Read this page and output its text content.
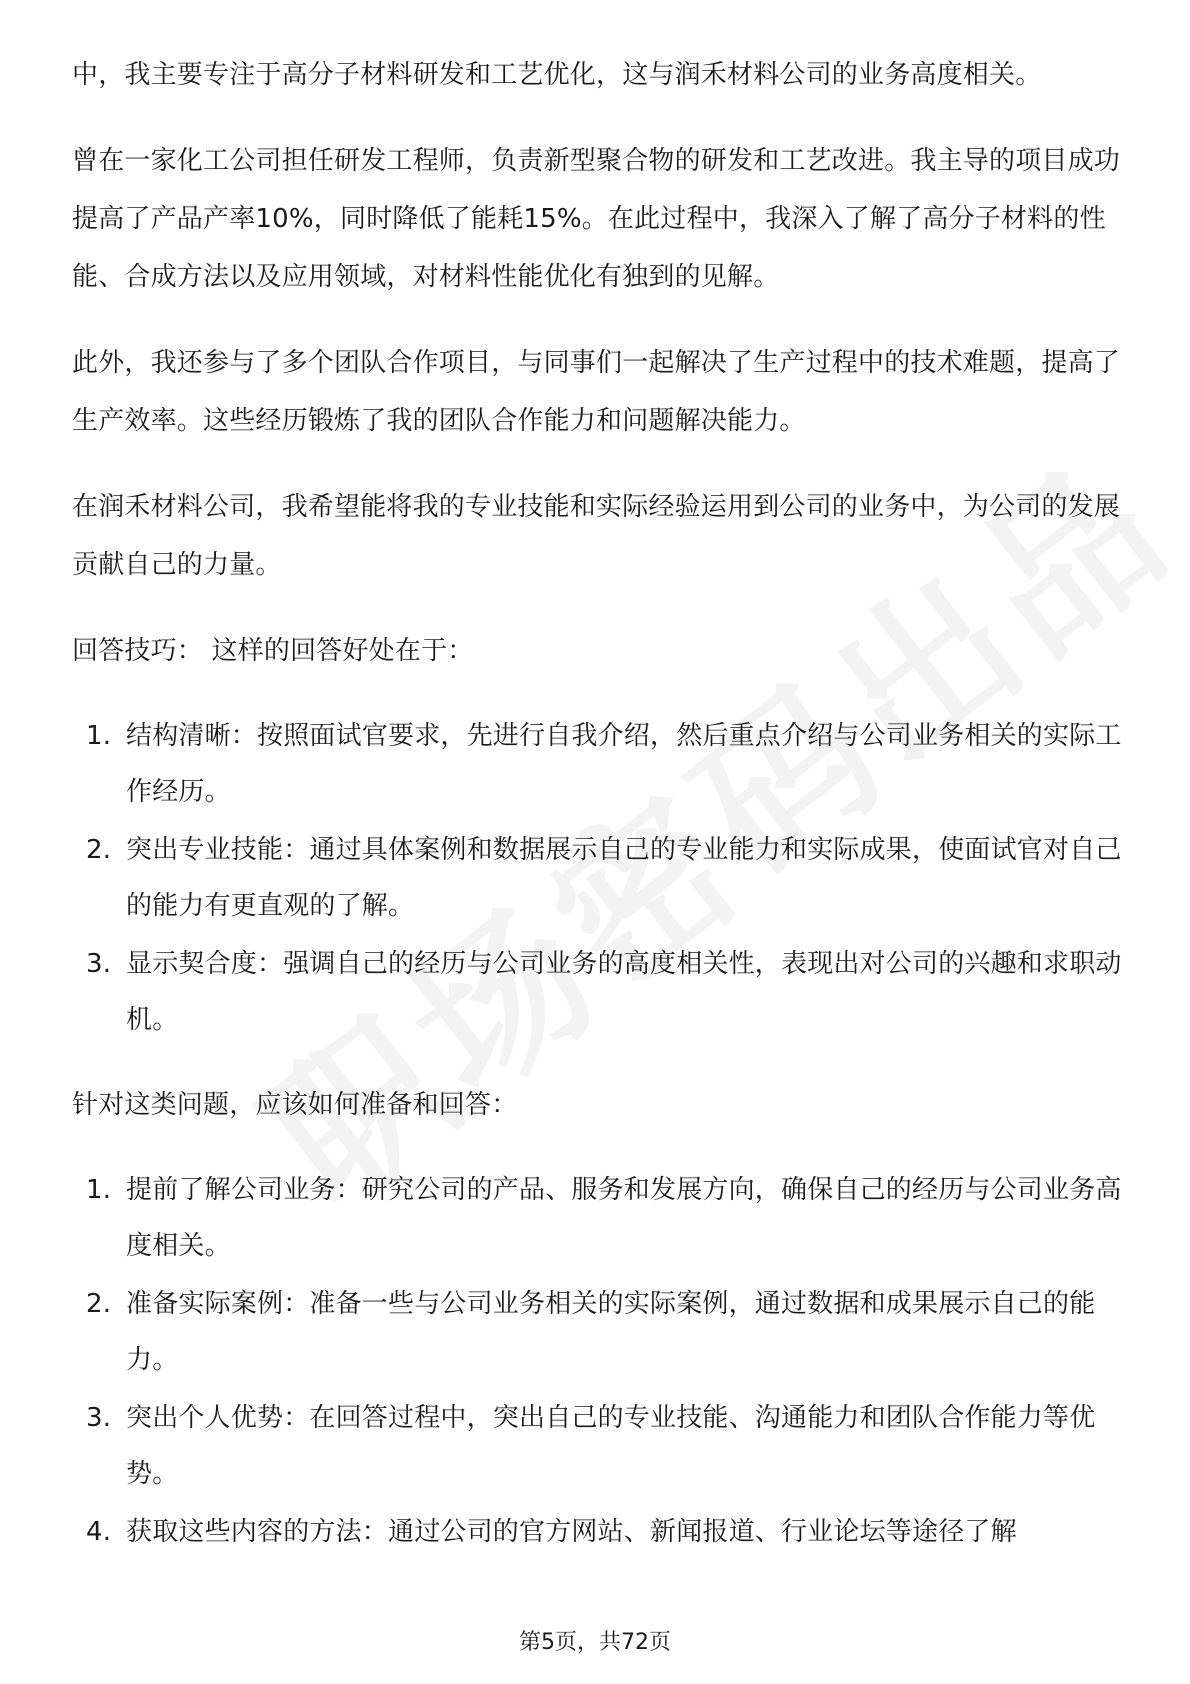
中，我主要专注于高分子材料研发和工艺优化，这与润禾材料公司的业务高度相关。

曾在一家化工公司担任研发工程师，负责新型聚合物的研发和工艺改进。我主导的项目成功提高了产品产率10%，同时降低了能耗15%。在此过程中，我深入了解了高分子材料的性能、合成方法以及应用领域，对材料性能优化有独到的见解。

此外，我还参与了多个团队合作项目，与同事们一起解决了生产过程中的技术难题，提高了生产效率。这些经历锻炼了我的团队合作能力和问题解决能力。

在润禾材料公司，我希望能将我的专业技能和实际经验运用到公司的业务中，为公司的发展贡献自己的力量。

回答技巧： 这样的回答好处在于：

1. 结构清晰：按照面试官要求，先进行自我介绍，然后重点介绍与公司业务相关的实际工作经历。
2. 突出专业技能：通过具体案例和数据展示自己的专业能力和实际成果，使面试官对自己的能力有更直观的了解。
3. 显示契合度：强调自己的经历与公司业务的高度相关性，表现出对公司的兴趣和求职动机。

针对这类问题，应该如何准备和回答：

1. 提前了解公司业务：研究公司的产品、服务和发展方向，确保自己的经历与公司业务高度相关。
2. 准备实际案例：准备一些与公司业务相关的实际案例，通过数据和成果展示自己的能力。
3. 突出个人优势：在回答过程中，突出自己的专业技能、沟通能力和团队合作能力等优势。
4. 获取这些内容的方法：通过公司的官方网站、新闻报道、行业论坛等途径了解
第5页，共72页
